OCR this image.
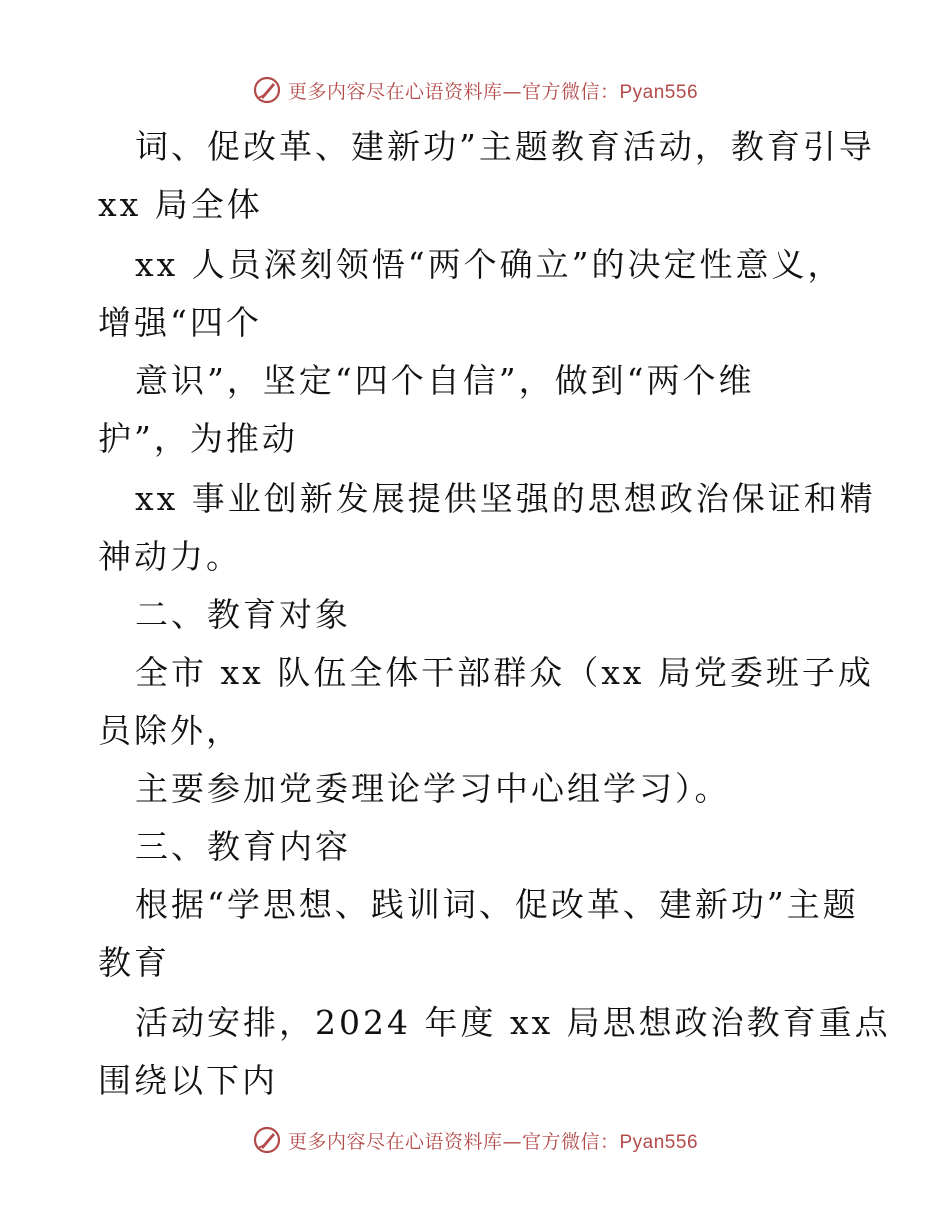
更多内容尽在心语资料库—官方微信：Pyan556
词、促改革、建新功”主题教育活动，教育引导
xx 局全体
xx 人员深刻领悟“两个确立”的决定性意义，
增强“四个
意识”，坚定“四个自信”，做到“两个维
护”，为推动
xx 事业创新发展提供坚强的思想政治保证和精
神动力。
二、教育对象
全市 xx 队伍全体干部群众（xx 局党委班子成
员除外，
主要参加党委理论学习中心组学习）。
三、教育内容
根据“学思想、践训词、促改革、建新功”主题
教育
活动安排，2024 年度 xx 局思想政治教育重点
围绕以下内
更多内容尽在心语资料库—官方微信：Pyan556
